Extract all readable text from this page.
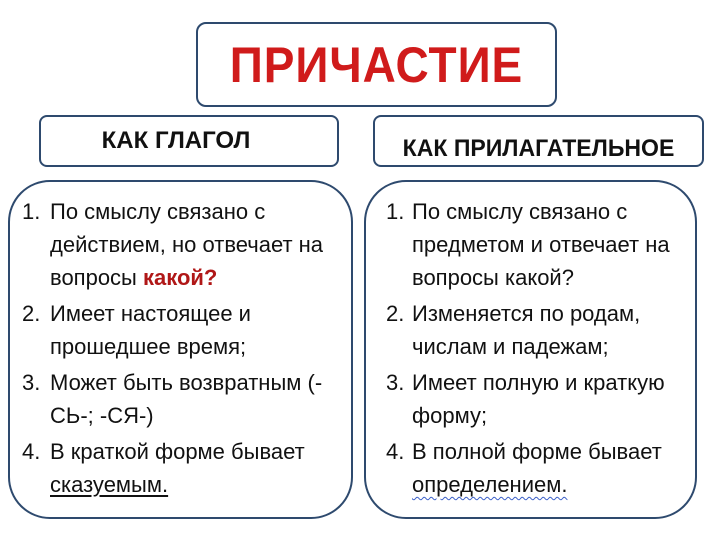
ПРИЧАСТИЕ
КАК ГЛАГОЛ	КАК ПРИЛАГАТЕЛЬНОЕ
1. По смыслу связано с действием, но отвечает на вопросы какой?
2. Имеет настоящее и прошедшее время;
3. Может быть возвратным (-СЬ-; -СЯ-)
4. В краткой форме бывает сказуемым.
1. По смыслу связано с предметом и отвечает на вопросы какой?
2. Изменяется по родам, числам и падежам;
3. Имеет полную и краткую форму;
4. В полной форме бывает определением.
